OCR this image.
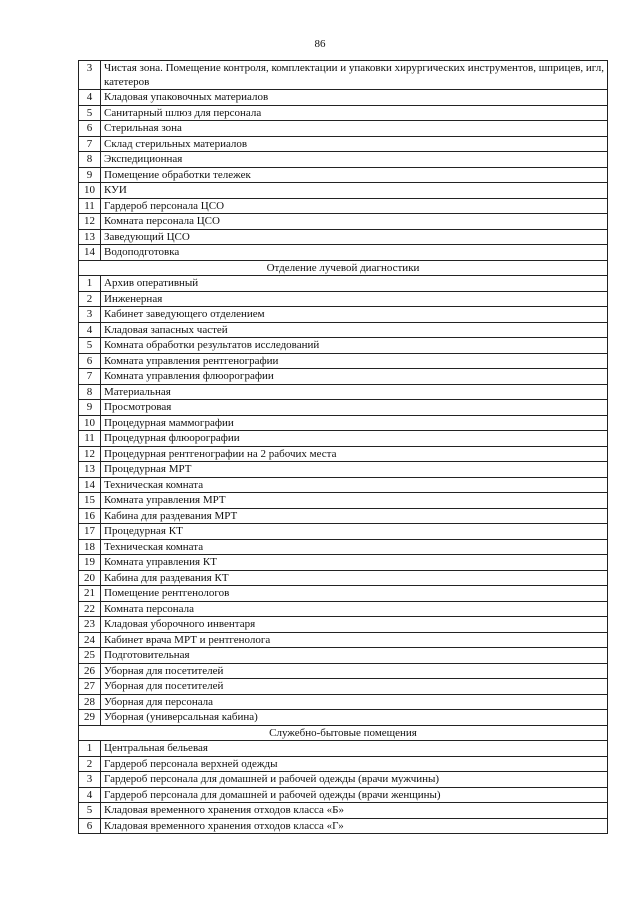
86
3	Чистая зона. Помещение контроля, комплектации и упаковки хирургических инструментов, шприцев, игл, катетеров
4	Кладовая упаковочных материалов
5	Санитарный шлюз для персонала
6	Стерильная зона
7	Склад стерильных материалов
8	Экспедиционная
9	Помещение обработки тележек
10	КУИ
11	Гардероб персонала ЦСО
12	Комната персонала ЦСО
13	Заведующий ЦСО
14	Водоподготовка
Отделение лучевой диагностики	
1	Архив оперативный
2	Инженерная
3	Кабинет заведующего отделением
4	Кладовая запасных частей
5	Комната обработки результатов исследований
6	Комната управления рентгенографии
7	Комната управления флюорографии
8	Материальная
9	Просмотровая
10	Процедурная маммографии
11	Процедурная флюорографии
12	Процедурная рентгенографии на 2 рабочих места
13	Процедурная МРТ
14	Техническая комната
15	Комната управления МРТ
16	Кабина для раздевания МРТ
17	Процедурная КТ
18	Техническая комната
19	Комната управления КТ
20	Кабина для раздевания КТ
21	Помещение рентгенологов
22	Комната персонала
23	Кладовая уборочного инвентаря
24	Кабинет врача МРТ и рентгенолога
25	Подготовительная
26	Уборная для посетителей
27	Уборная для посетителей
28	Уборная для персонала
29	Уборная (универсальная кабина)
Служебно-бытовые помещения	
1	Центральная бельевая
2	Гардероб персонала верхней одежды
3	Гардероб персонала для домашней и рабочей одежды (врачи мужчины)
4	Гардероб персонала для домашней и рабочей одежды (врачи женщины)
5	Кладовая временного хранения отходов класса «Б»
6	Кладовая временного хранения отходов класса «Г»
